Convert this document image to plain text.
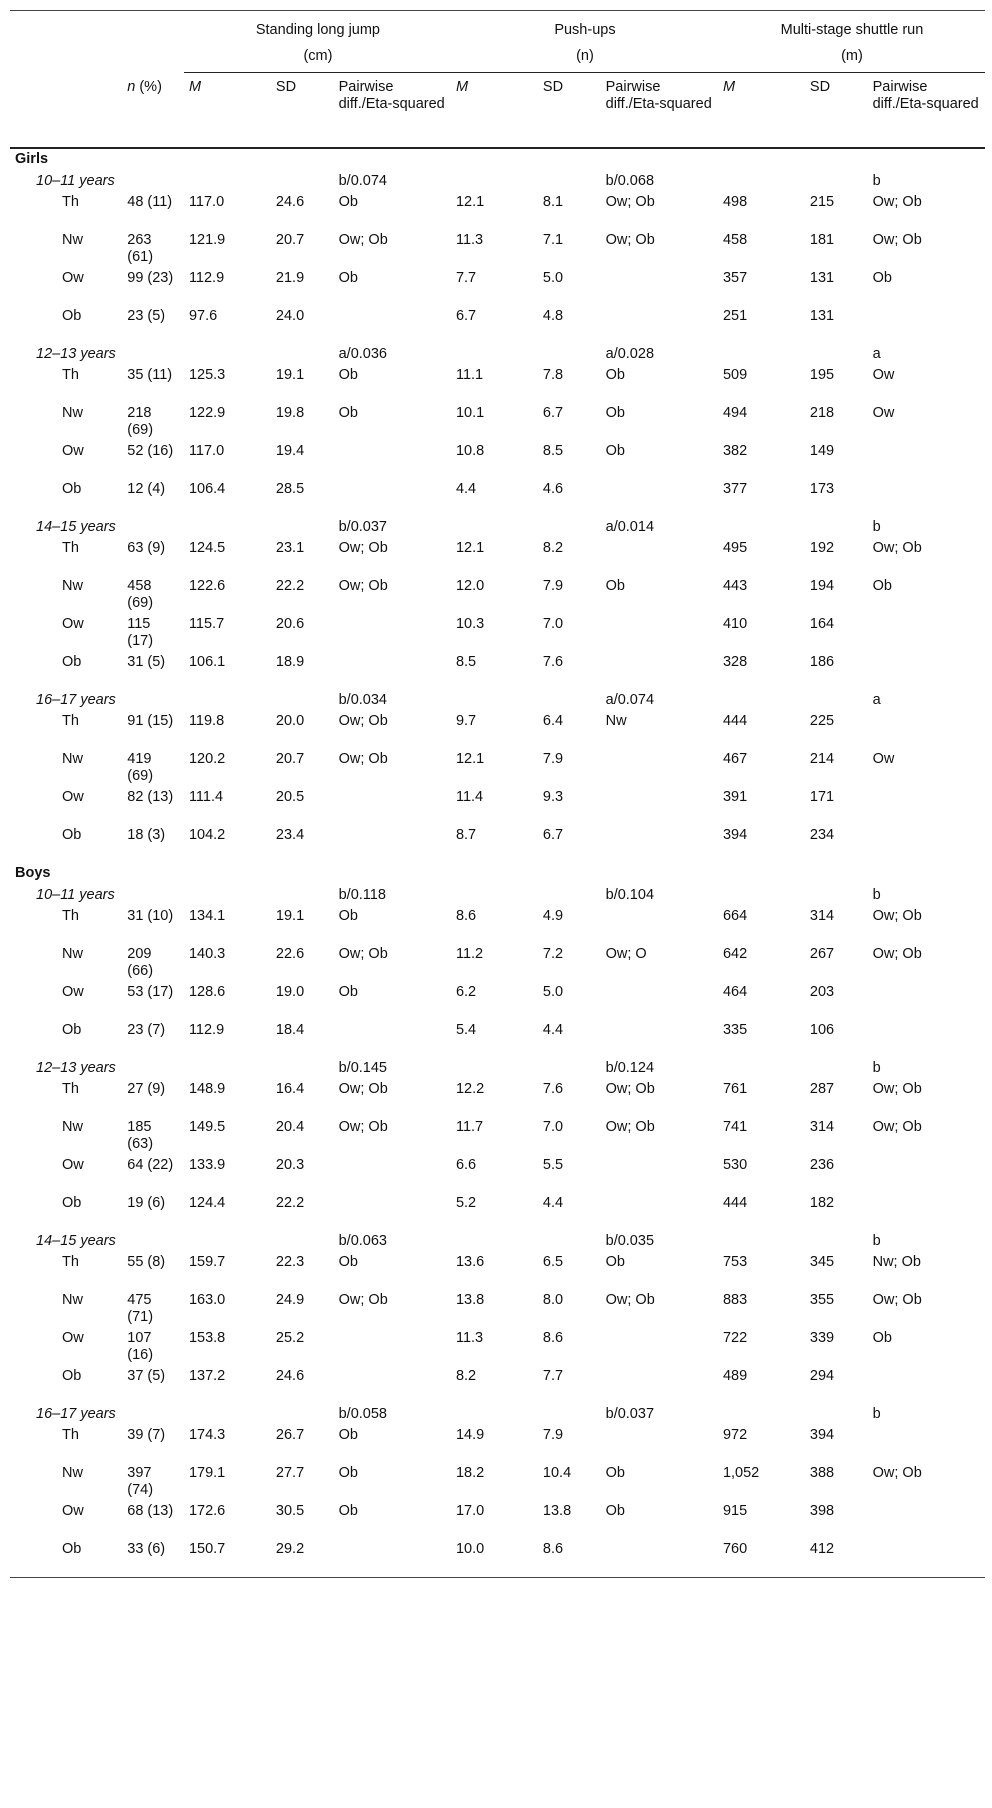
		Standing long jump			Push-ups			Multi-stage shuttle run		
		(cm)			(n)			(m)		
	n (%)	M	SD	Pairwise diff./Eta-squared	M	SD	Pairwise diff./Eta-squared	M	SD	Pairwise diff./Eta-squared
Girls										
10–11 years				b/0.074			b/0.068			b
Th	48 (11)	117.0	24.6	Ob	12.1	8.1	Ow; Ob	498	215	Ow; Ob
Nw	263 (61)	121.9	20.7	Ow; Ob	11.3	7.1	Ow; Ob	458	181	Ow; Ob
Ow	99 (23)	112.9	21.9	Ob	7.7	5.0		357	131	Ob
Ob	23 (5)	97.6	24.0		6.7	4.8		251	131	
12–13 years				a/0.036			a/0.028			a
Th	35 (11)	125.3	19.1	Ob	11.1	7.8	Ob	509	195	Ow
Nw	218 (69)	122.9	19.8	Ob	10.1	6.7	Ob	494	218	Ow
Ow	52 (16)	117.0	19.4		10.8	8.5	Ob	382	149	
Ob	12 (4)	106.4	28.5		4.4	4.6		377	173	
14–15 years				b/0.037			a/0.014			b
Th	63 (9)	124.5	23.1	Ow; Ob	12.1	8.2		495	192	Ow; Ob
Nw	458 (69)	122.6	22.2	Ow; Ob	12.0	7.9	Ob	443	194	Ob
Ow	115 (17)	115.7	20.6		10.3	7.0		410	164	
Ob	31 (5)	106.1	18.9		8.5	7.6		328	186	
16–17 years				b/0.034			a/0.074			a
Th	91 (15)	119.8	20.0	Ow; Ob	9.7	6.4	Nw	444	225	
Nw	419 (69)	120.2	20.7	Ow; Ob	12.1	7.9		467	214	Ow
Ow	82 (13)	111.4	20.5		11.4	9.3		391	171	
Ob	18 (3)	104.2	23.4		8.7	6.7		394	234	
Boys										
10–11 years				b/0.118			b/0.104			b
Th	31 (10)	134.1	19.1	Ob	8.6	4.9		664	314	Ow; Ob
Nw	209 (66)	140.3	22.6	Ow; Ob	11.2	7.2	Ow; O	642	267	Ow; Ob
Ow	53 (17)	128.6	19.0	Ob	6.2	5.0		464	203	
Ob	23 (7)	112.9	18.4		5.4	4.4		335	106	
12–13 years				b/0.145			b/0.124			b
Th	27 (9)	148.9	16.4	Ow; Ob	12.2	7.6	Ow; Ob	761	287	Ow; Ob
Nw	185 (63)	149.5	20.4	Ow; Ob	11.7	7.0	Ow; Ob	741	314	Ow; Ob
Ow	64 (22)	133.9	20.3		6.6	5.5		530	236	
Ob	19 (6)	124.4	22.2		5.2	4.4		444	182	
14–15 years				b/0.063			b/0.035			b
Th	55 (8)	159.7	22.3	Ob	13.6	6.5	Ob	753	345	Nw; Ob
Nw	475 (71)	163.0	24.9	Ow; Ob	13.8	8.0	Ow; Ob	883	355	Ow; Ob
Ow	107 (16)	153.8	25.2		11.3	8.6		722	339	Ob
Ob	37 (5)	137.2	24.6		8.2	7.7		489	294	
16–17 years				b/0.058			b/0.037			b
Th	39 (7)	174.3	26.7	Ob	14.9	7.9		972	394	
Nw	397 (74)	179.1	27.7	Ob	18.2	10.4	Ob	1,052	388	Ow; Ob
Ow	68 (13)	172.6	30.5	Ob	17.0	13.8	Ob	915	398	
Ob	33 (6)	150.7	29.2		10.0	8.6		760	412	
